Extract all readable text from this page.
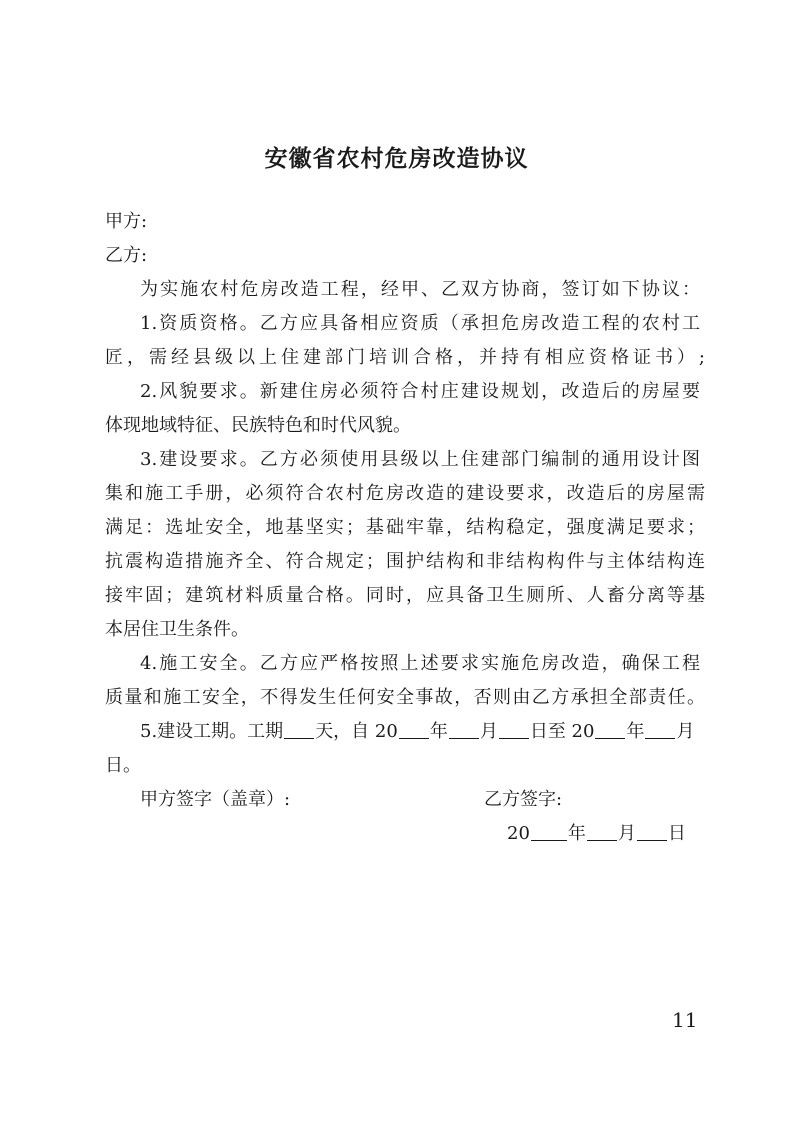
安徽省农村危房改造协议
甲方:
乙方:
为实施农村危房改造工程，经甲、乙双方协商，签订如下协议：
1.资质资格。乙方应具备相应资质（承担危房改造工程的农村工
匠，需经县级以上住建部门培训合格，并持有相应资格证书）;
2.风貌要求。新建住房必须符合村庄建设规划，改造后的房屋要
体现地域特征、民族特色和时代风貌。
3.建设要求。乙方必须使用县级以上住建部门编制的通用设计图
集和施工手册，必须符合农村危房改造的建设要求，改造后的房屋需
满足：选址安全，地基坚实；基础牢靠，结构稳定，强度满足要求；
抗震构造措施齐全、符合规定；围护结构和非结构构件与主体结构连
接牢固；建筑材料质量合格。同时，应具备卫生厕所、人畜分离等基
本居住卫生条件。
4.施工安全。乙方应严格按照上述要求实施危房改造，确保工程
质量和施工安全，不得发生任何安全事故，否则由乙方承担全部责任。
5.建设工期。工期 天，自 20 年 月 日至 20 年 月
日。
甲方签字（盖章）:	乙方签字:
20 年 月 日
11
